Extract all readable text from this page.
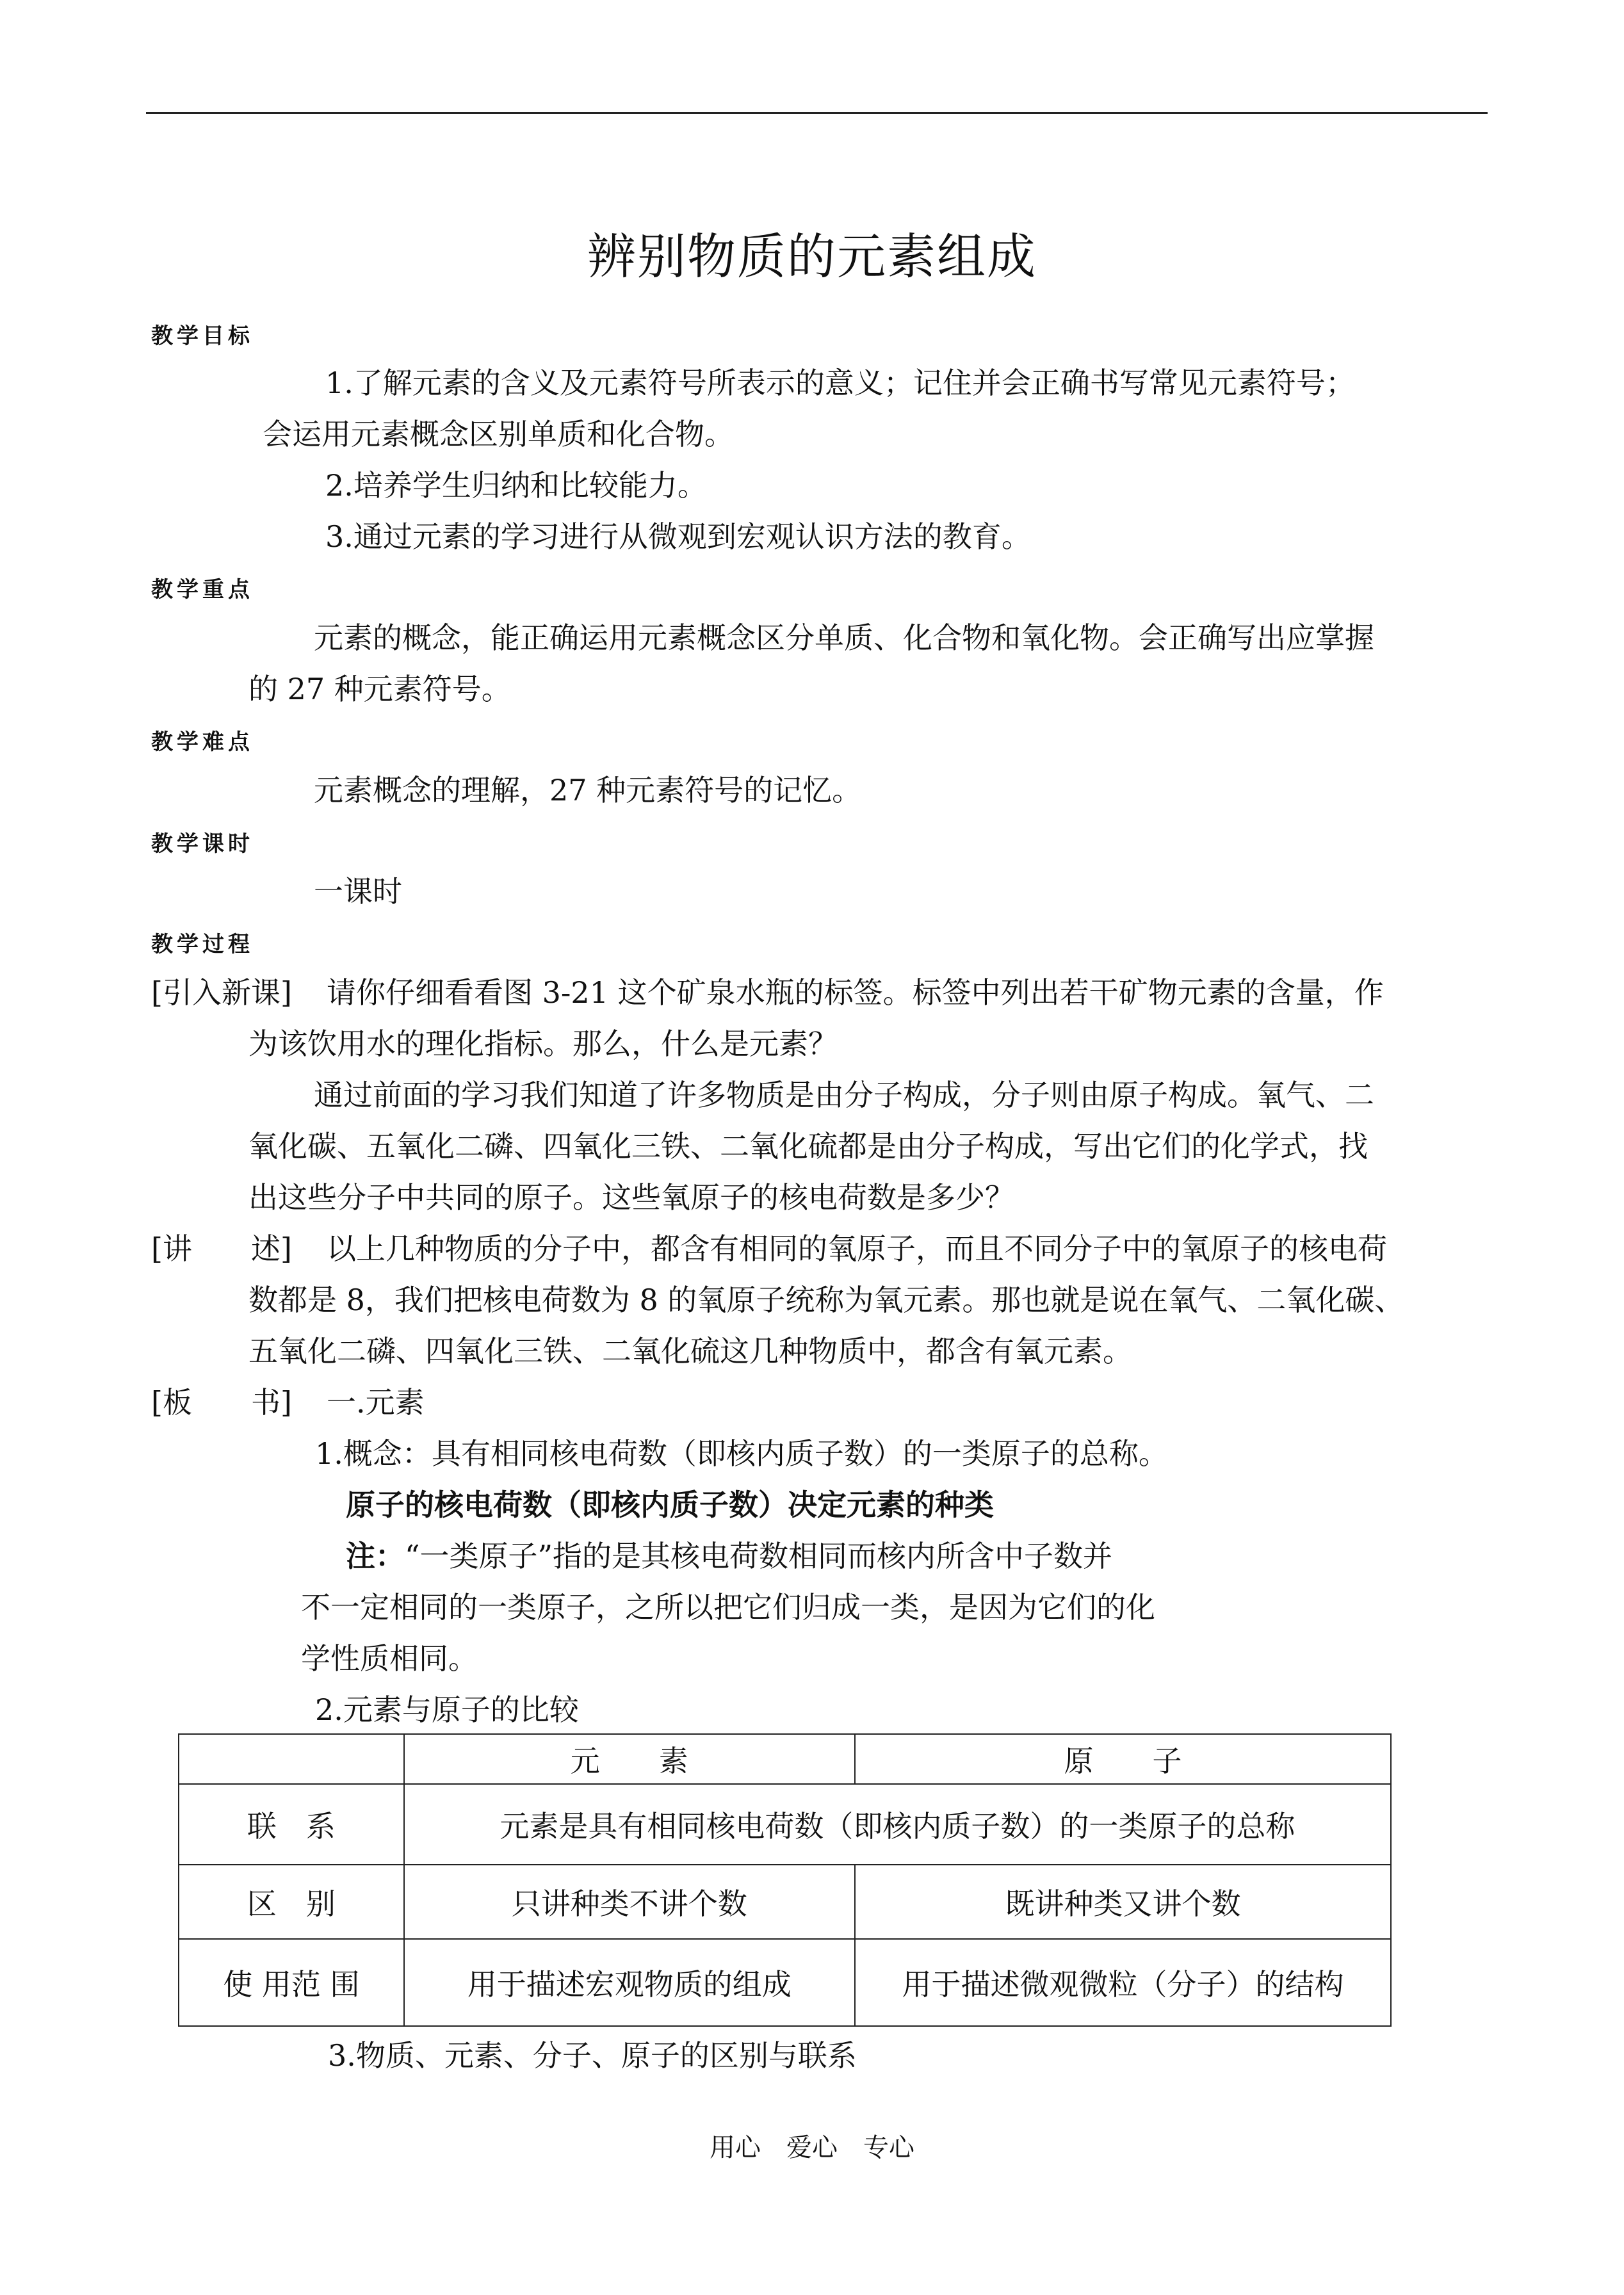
辨别物质的元素组成
教学目标
1.了解元素的含义及元素符号所表示的意义；记住并会正确书写常见元素符号；
会运用元素概念区别单质和化合物。
2.培养学生归纳和比较能力。
3.通过元素的学习进行从微观到宏观认识方法的教育。
教学重点
元素的概念，能正确运用元素概念区分单质、化合物和氧化物。会正确写出应掌握
的 27 种元素符号。
教学难点
元素概念的理解，27 种元素符号的记忆。
教学课时
一课时
教学过程
[引入新课] 请你仔细看看图 3-21 这个矿泉水瓶的标签。标签中列出若干矿物元素的含量，作
为该饮用水的理化指标。那么，什么是元素？
通过前面的学习我们知道了许多物质是由分子构成，分子则由原子构成。氧气、二
氧化碳、五氧化二磷、四氧化三铁、二氧化硫都是由分子构成，写出它们的化学式，找
出这些分子中共同的原子。这些氧原子的核电荷数是多少？
[讲　　述] 以上几种物质的分子中，都含有相同的氧原子，而且不同分子中的氧原子的核电荷
数都是 8，我们把核电荷数为 8 的氧原子统称为氧元素。那也就是说在氧气、二氧化碳、
五氧化二磷、四氧化三铁、二氧化硫这几种物质中，都含有氧元素。
[板　　书] 一.元素
1.概念：具有相同核电荷数（即核内质子数）的一类原子的总称。
原子的核电荷数（即核内质子数）决定元素的种类
注：“一类原子”指的是其核电荷数相同而核内所含中子数并
不一定相同的一类原子，之所以把它们归成一类，是因为它们的化
学性质相同。
2.元素与原子的比较
	元　　素	原　　子
联　系	元素是具有相同核电荷数（即核内质子数）的一类原子的总称	
区　别	只讲种类不讲个数	既讲种类又讲个数
使 用范 围	用于描述宏观物质的组成	用于描述微观微粒（分子）的结构
3.物质、元素、分子、原子的区别与联系
用心　爱心　专心
